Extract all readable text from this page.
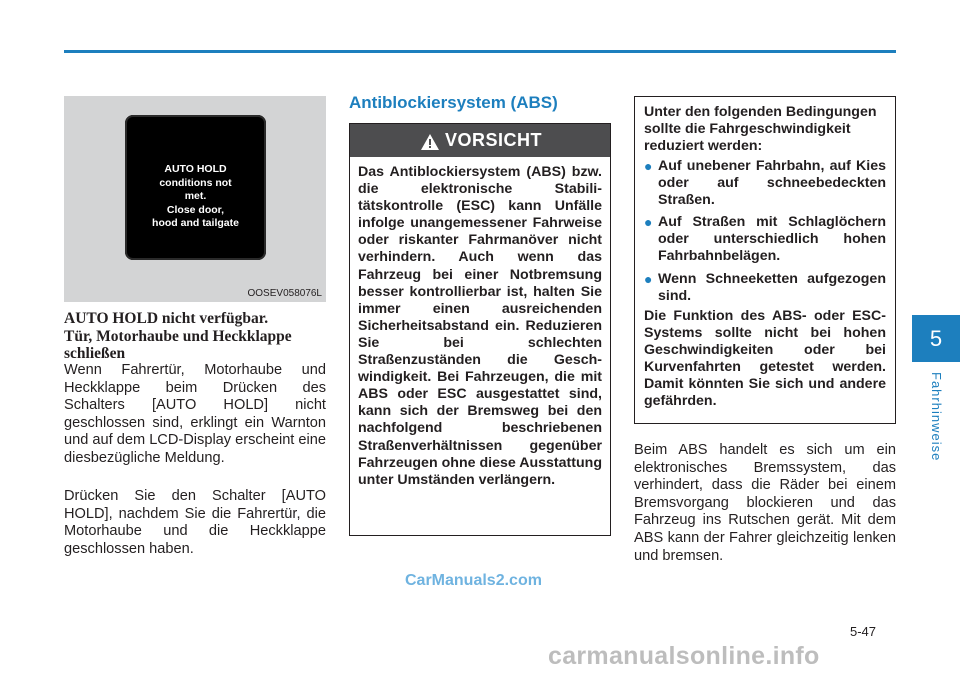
5
Fahrhinweise
AUTO HOLD
conditions not
met.
Close door,
hood and tailgate
OOSEV058076L
AUTO HOLD nicht verfügbar.
Tür, Motorhaube und Heckklappe
schließen

Wenn Fahrertür, Motorhaube und Heckklappe beim Drücken des Schalters [AUTO HOLD] nicht geschlossen sind, erklingt ein Warnton und auf dem LCD-Display erscheint eine diesbezügliche Meldung.

Drücken Sie den Schalter [AUTO HOLD], nachdem Sie die Fahrertür, die Motorhaube und die Heckklappe geschlossen haben.

Antiblockiersystem (ABS)
VORSICHT

Das Antiblockiersystem (ABS) bzw. die elektronische Stabilitätskontrolle (ESC) kann Unfälle infolge unangemessener Fahrweise oder riskanter Fahrmanöver nicht verhindern. Auch wenn das Fahrzeug bei einer Notbremsung besser kontrollierbar ist, halten Sie immer einen ausreichenden Sicherheitsabstand ein. Reduzieren Sie bei schlechten Straßenzuständen die Geschwindigkeit. Bei Fahrzeugen, die mit ABS oder ESC ausgestattet sind, kann sich der Bremsweg bei den nachfolgend beschriebenen Straßenverhältnissen gegenüber Fahrzeugen ohne diese Ausstattung unter Umständen verlängern.

Unter den folgenden Bedingungen sollte die Fahrgeschwindigkeit reduziert werden:

● Auf unebener Fahrbahn, auf Kies oder auf schneebedeckten Straßen.
● Auf Straßen mit Schlaglöchern oder unterschiedlich hohen Fahrbahnbelägen.
● Wenn Schneeketten aufgezogen sind.

Die Funktion des ABS- oder ESC-Systems sollte nicht bei hohen Geschwindigkeiten oder bei Kurvenfahrten getestet werden. Damit könnten Sie sich und andere gefährden.

Beim ABS handelt es sich um ein elektronisches Bremssystem, das verhindert, dass die Räder bei einem Bremsvorgang blockieren und das Fahrzeug ins Rutschen gerät. Mit dem ABS kann der Fahrer gleichzeitig lenken und bremsen.

CarManuals2.com
5-47
carmanualsonline.info
